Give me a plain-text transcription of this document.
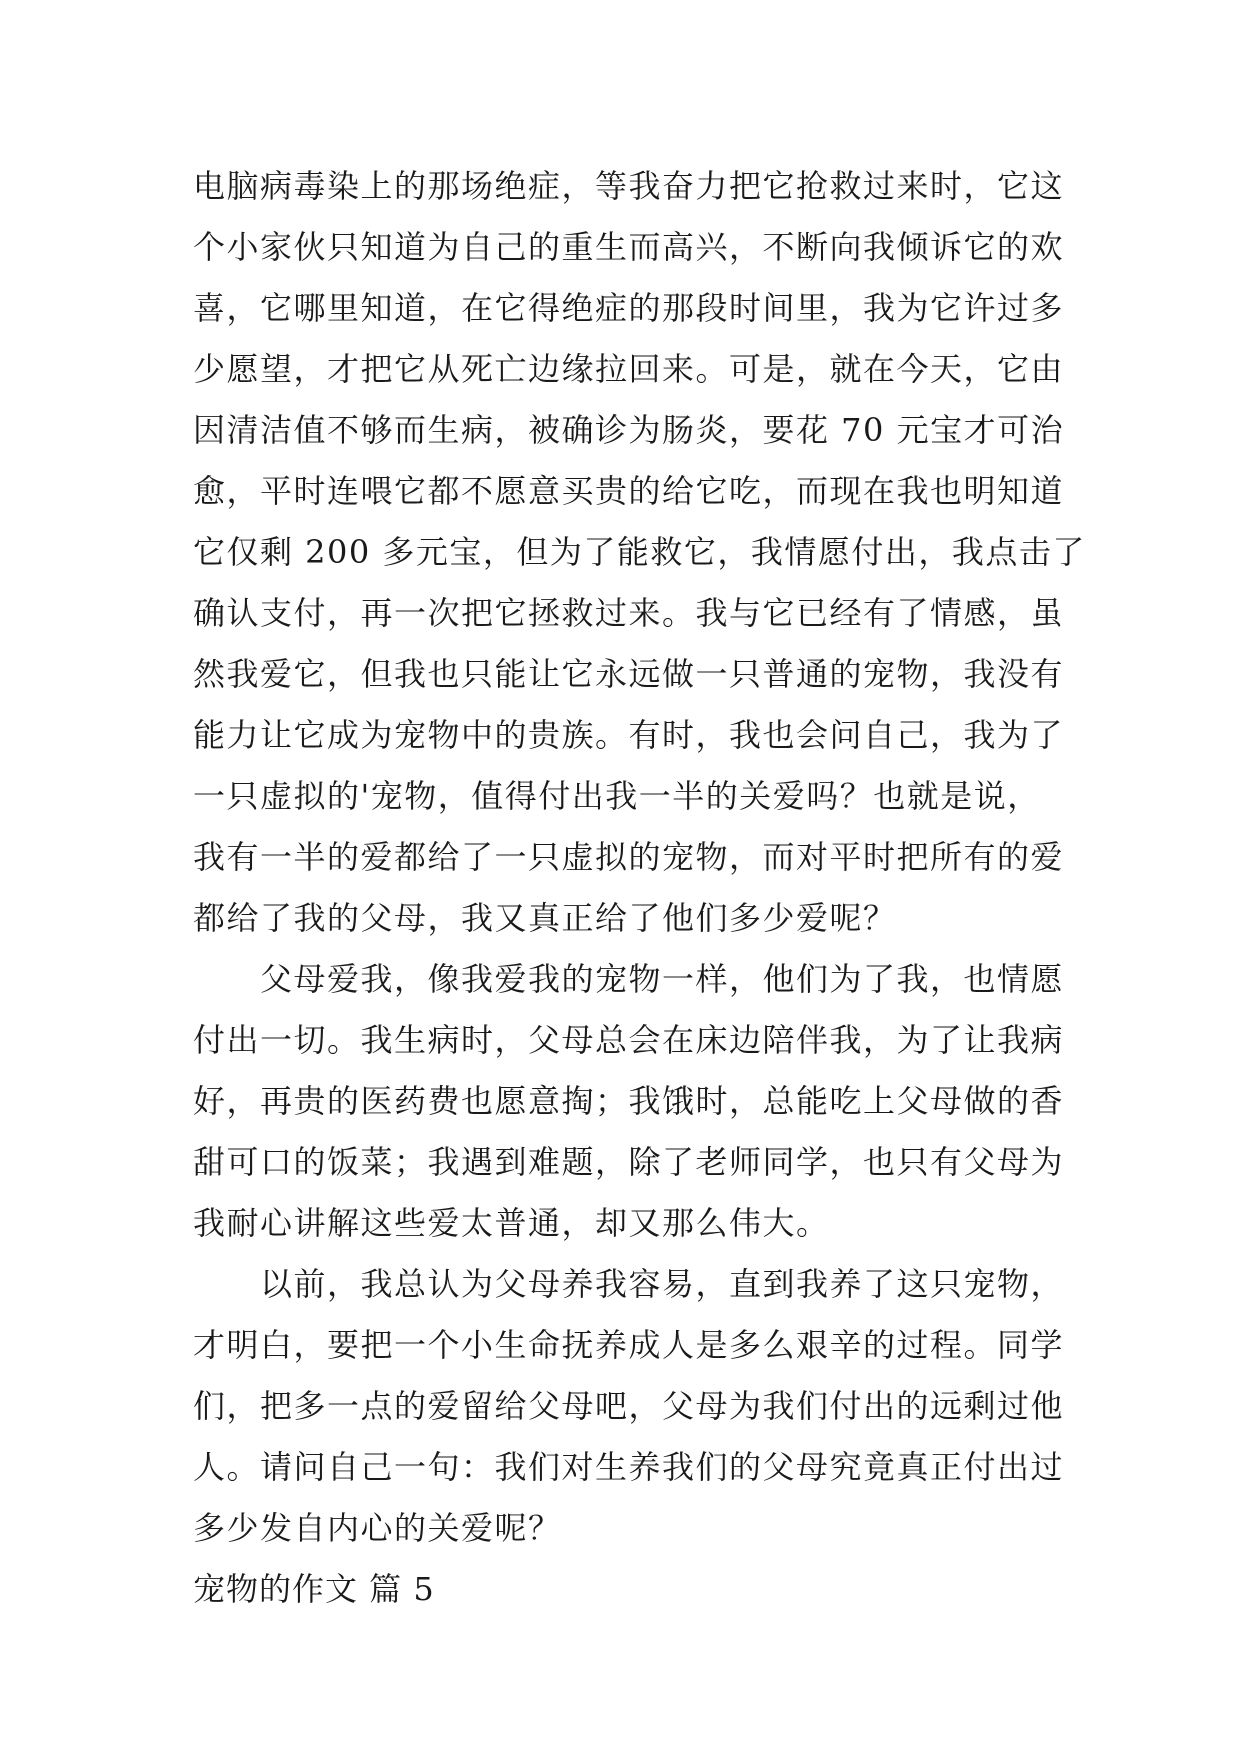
电脑病毒染上的那场绝症，等我奋力把它抢救过来时，它这
个小家伙只知道为自己的重生而高兴，不断向我倾诉它的欢
喜，它哪里知道，在它得绝症的那段时间里，我为它许过多
少愿望，才把它从死亡边缘拉回来。可是，就在今天，它由
因清洁值不够而生病，被确诊为肠炎，要花 70 元宝才可治
愈，平时连喂它都不愿意买贵的给它吃，而现在我也明知道
它仅剩 200 多元宝，但为了能救它，我情愿付出，我点击了
确认支付，再一次把它拯救过来。我与它已经有了情感，虽
然我爱它，但我也只能让它永远做一只普通的宠物，我没有
能力让它成为宠物中的贵族。有时，我也会问自己，我为了
一只虚拟的'宠物，值得付出我一半的关爱吗？也就是说，
我有一半的爱都给了一只虚拟的宠物，而对平时把所有的爱
都给了我的父母，我又真正给了他们多少爱呢？
　　父母爱我，像我爱我的宠物一样，他们为了我，也情愿
付出一切。我生病时，父母总会在床边陪伴我，为了让我病
好，再贵的医药费也愿意掏；我饿时，总能吃上父母做的香
甜可口的饭菜；我遇到难题，除了老师同学，也只有父母为
我耐心讲解这些爱太普通，却又那么伟大。
　　以前，我总认为父母养我容易，直到我养了这只宠物，
才明白，要把一个小生命抚养成人是多么艰辛的过程。同学
们，把多一点的爱留给父母吧，父母为我们付出的远剩过他
人。请问自己一句：我们对生养我们的父母究竟真正付出过
多少发自内心的关爱呢？
宠物的作文 篇 5
